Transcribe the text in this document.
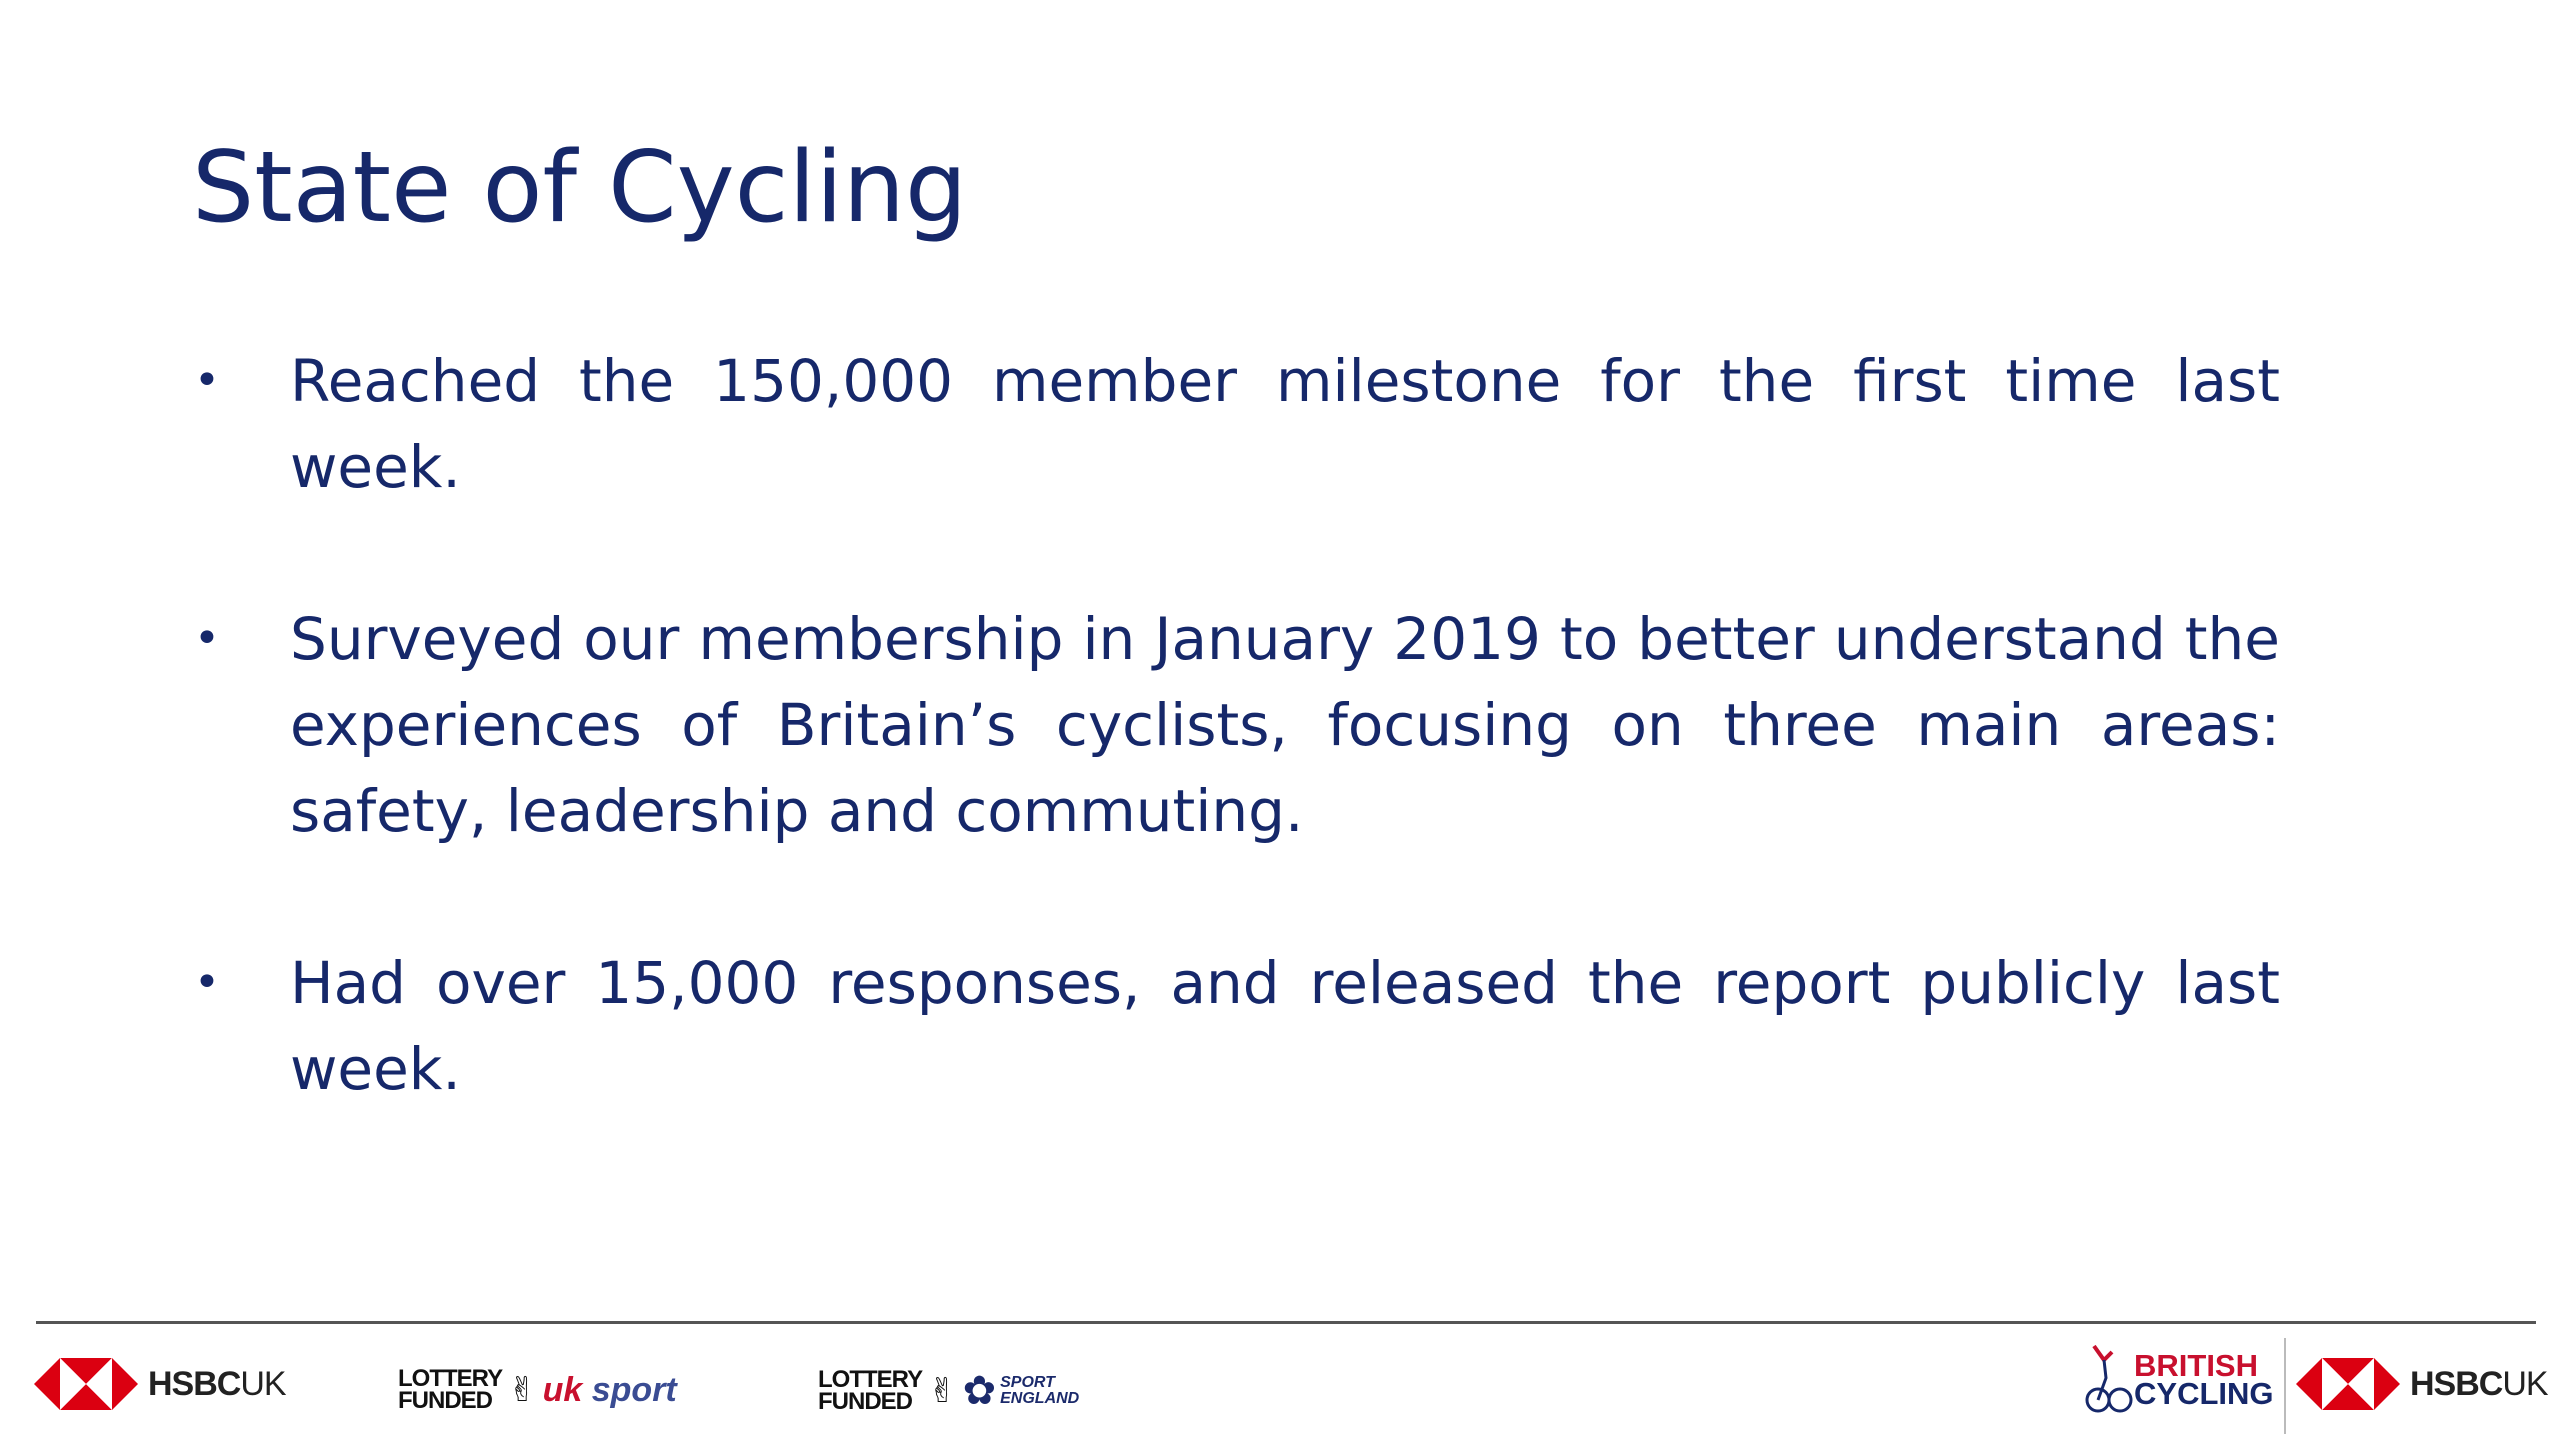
State of Cycling
• Reached the 150,000 member milestone for the first time last week.
• Surveyed our membership in January 2019 to better understand the experiences of Britain’s cyclists, focusing on three main areas: safety, leadership and commuting.
• Had over 15,000 responses, and released the report publicly last week.
HSBCUK	LOTTERY
FUNDED ✌ uk sport	LOTTERY
FUNDED ✌ ✿ SPORT
ENGLAND
BRITISH
CYCLING	HSBCUK
